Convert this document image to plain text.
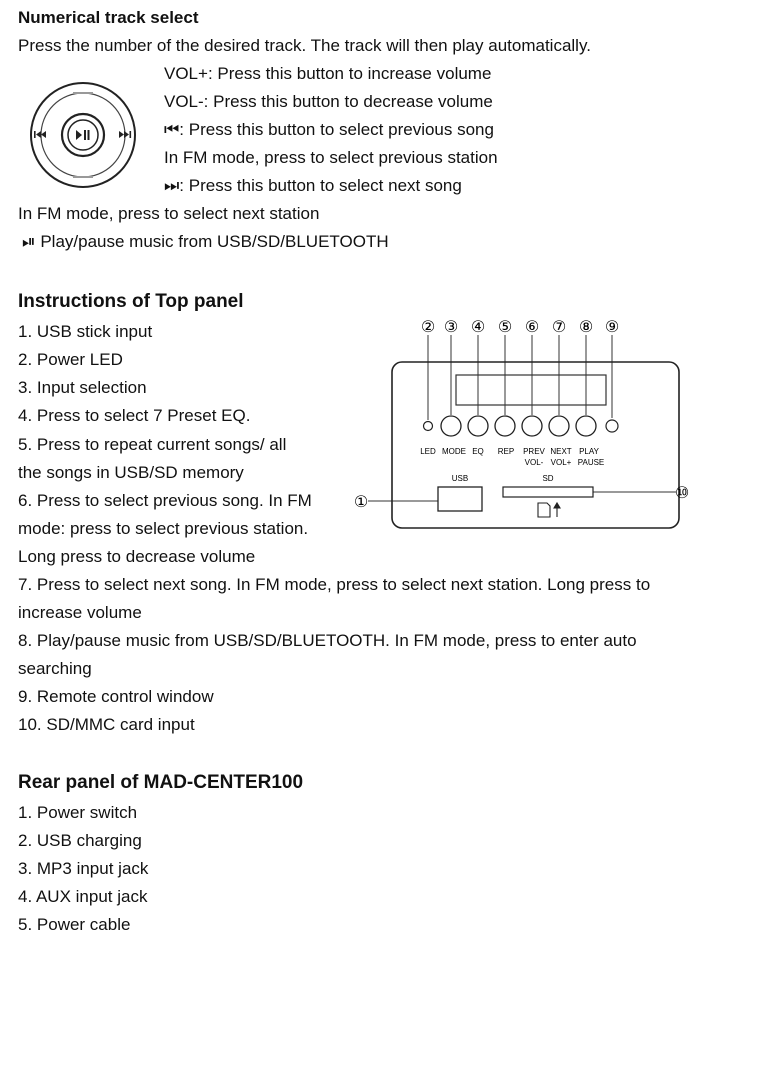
Numerical track select

Press the number of the desired track. The track will then play automatically.

VOL+: Press this button to increase volume

VOL-: Press this button to decrease volume

⏮: Press this button to select previous song

In FM mode, press to select previous station

⏭: Press this button to select next song

In FM mode, press to select next station

⏯ Play/pause music from USB/SD/BLUETOOTH

Instructions of Top panel

1. USB stick input

2. Power LED

3. Input selection

4. Press to select 7 Preset EQ.

5. Press to repeat current songs/ all

the songs in USB/SD memory

6. Press to select previous song. In FM

mode: press to select previous station.

Long press to decrease volume

7. Press to select next song. In FM mode, press to select next station. Long press to

increase volume

8. Play/pause music from USB/SD/BLUETOOTH. In FM mode, press to enter auto

searching

9. Remote control window

10. SD/MMC card input

② ③ ④ ⑤ ⑥ ⑦ ⑧ ⑨
①
⑩
LED MODE EQ REP PREV NEXT PLAY
VOL- VOL+ PAUSE
USB	SD

Rear panel of MAD-CENTER100

1. Power switch

2. USB charging

3. MP3 input jack

4. AUX input jack

5. Power cable
